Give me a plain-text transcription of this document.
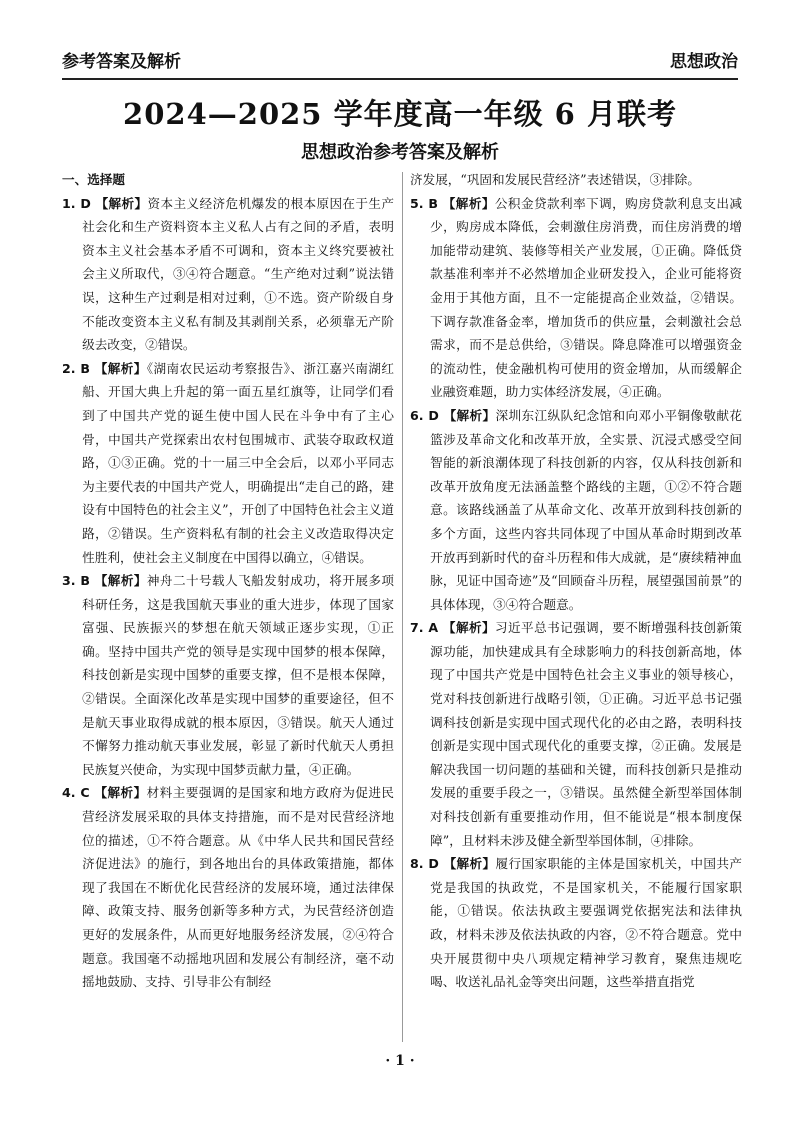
参考答案及解析	思想政治
2024—2025 学年度高一年级 6 月联考
思想政治参考答案及解析
一、选择题
1. D 【解析】资本主义经济危机爆发的根本原因在于生产社会化和生产资料资本主义私人占有之间的矛盾，表明资本主义社会基本矛盾不可调和，资本主义终究要被社会主义所取代，③④符合题意。“生产绝对过剩”说法错误，这种生产过剩是相对过剩，①不选。资产阶级自身不能改变资本主义私有制及其剥削关系，必须靠无产阶级去改变，②错误。
2. B 【解析】《湖南农民运动考察报告》、浙江嘉兴南湖红船、开国大典上升起的第一面五星红旗等，让同学们看到了中国共产党的诞生使中国人民在斗争中有了主心骨，中国共产党探索出农村包围城市、武装夺取政权道路，①③正确。党的十一届三中全会后，以邓小平同志为主要代表的中国共产党人，明确提出“走自己的路，建设有中国特色的社会主义”，开创了中国特色社会主义道路，②错误。生产资料私有制的社会主义改造取得决定性胜利，使社会主义制度在中国得以确立，④错误。
3. B 【解析】神舟二十号载人飞船发射成功，将开展多项科研任务，这是我国航天事业的重大进步，体现了国家富强、民族振兴的梦想在航天领域正逐步实现，①正确。坚持中国共产党的领导是实现中国梦的根本保障，科技创新是实现中国梦的重要支撑，但不是根本保障，②错误。全面深化改革是实现中国梦的重要途径，但不是航天事业取得成就的根本原因，③错误。航天人通过不懈努力推动航天事业发展，彰显了新时代航天人勇担民族复兴使命，为实现中国梦贡献力量，④正确。
4. C 【解析】材料主要强调的是国家和地方政府为促进民营经济发展采取的具体支持措施，而不是对民营经济地位的描述，①不符合题意。从《中华人民共和国民营经济促进法》的施行，到各地出台的具体政策措施，都体现了我国在不断优化民营经济的发展环境，通过法律保障、政策支持、服务创新等多种方式，为民营经济创造更好的发展条件，从而更好地服务经济发展，②④符合题意。我国毫不动摇地巩固和发展公有制经济，毫不动摇地鼓励、支持、引导非公有制经
济发展，“巩固和发展民营经济”表述错误，③排除。
5. B 【解析】公积金贷款利率下调，购房贷款利息支出减少，购房成本降低，会刺激住房消费，而住房消费的增加能带动建筑、装修等相关产业发展，①正确。降低贷款基准利率并不必然增加企业研发投入，企业可能将资金用于其他方面，且不一定能提高企业效益，②错误。下调存款准备金率，增加货币的供应量，会刺激社会总需求，而不是总供给，③错误。降息降准可以增强资金的流动性，使金融机构可使用的资金增加，从而缓解企业融资难题，助力实体经济发展，④正确。
6. D 【解析】深圳东江纵队纪念馆和向邓小平铜像敬献花篮涉及革命文化和改革开放，全实景、沉浸式感受空间智能的新浪潮体现了科技创新的内容，仅从科技创新和改革开放角度无法涵盖整个路线的主题，①②不符合题意。该路线涵盖了从革命文化、改革开放到科技创新的多个方面，这些内容共同体现了中国从革命时期到改革开放再到新时代的奋斗历程和伟大成就，是“赓续精神血脉，见证中国奇迹”及“回顾奋斗历程，展望强国前景”的具体体现，③④符合题意。
7. A 【解析】习近平总书记强调，要不断增强科技创新策源功能，加快建成具有全球影响力的科技创新高地，体现了中国共产党是中国特色社会主义事业的领导核心，党对科技创新进行战略引领，①正确。习近平总书记强调科技创新是实现中国式现代化的必由之路，表明科技创新是实现中国式现代化的重要支撑，②正确。发展是解决我国一切问题的基础和关键，而科技创新只是推动发展的重要手段之一，③错误。虽然健全新型举国体制对科技创新有重要推动作用，但不能说是“根本制度保障”，且材料未涉及健全新型举国体制，④排除。
8. D 【解析】履行国家职能的主体是国家机关，中国共产党是我国的执政党，不是国家机关，不能履行国家职能，①错误。依法执政主要强调党依据宪法和法律执政，材料未涉及依法执政的内容，②不符合题意。党中央开展贯彻中央八项规定精神学习教育，聚焦违规吃喝、收送礼品礼金等突出问题，这些举措直指党
· 1 ·
